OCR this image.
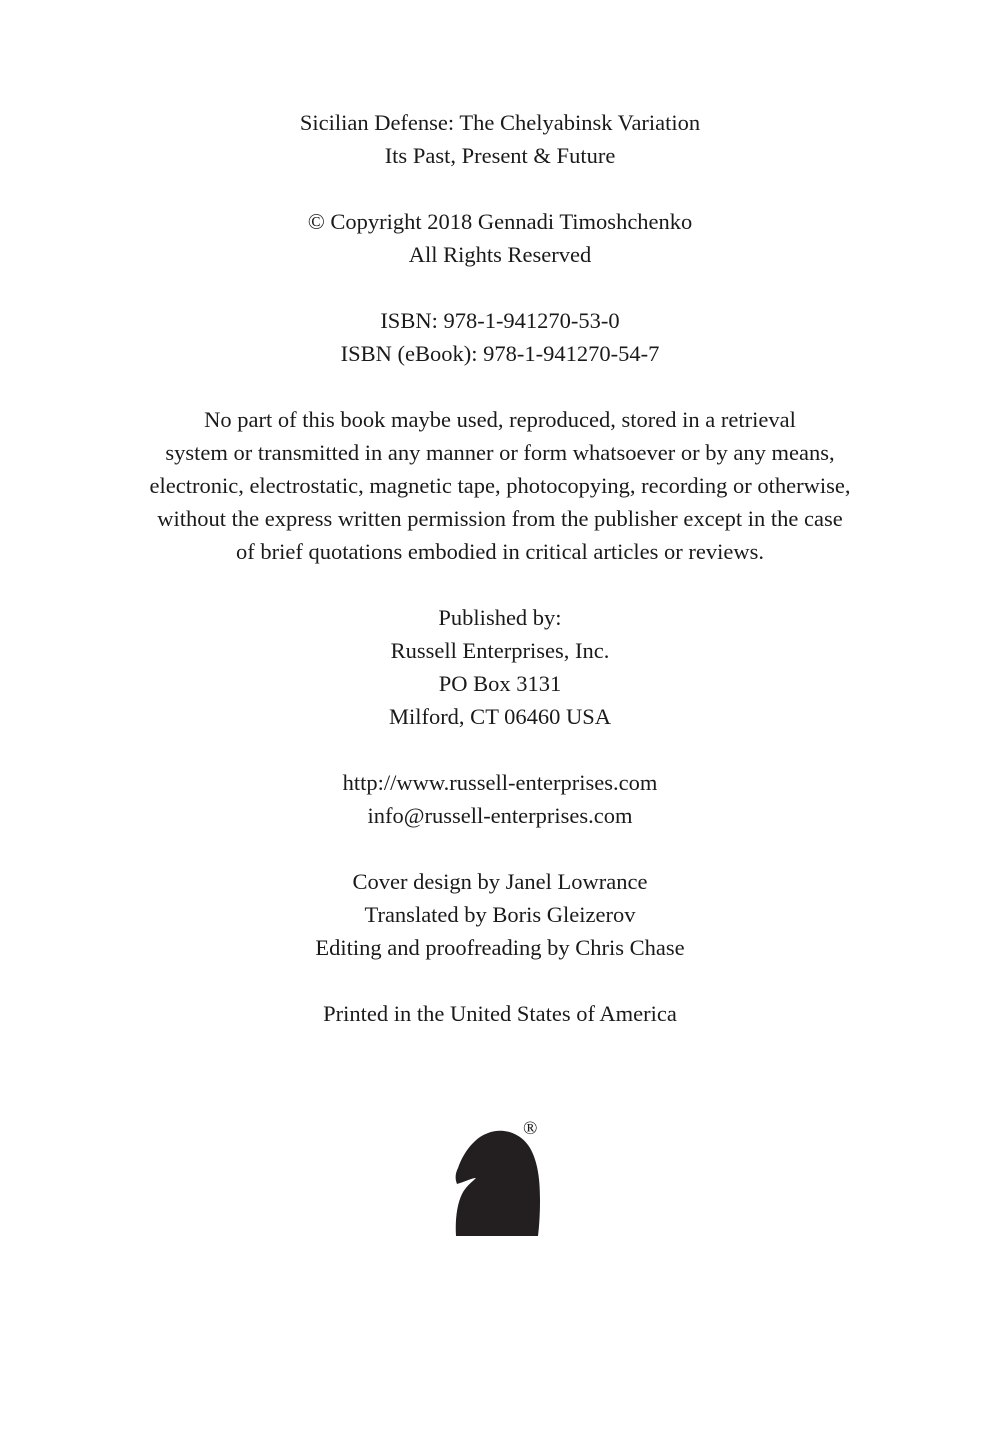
Sicilian Defense: The Chelyabinsk Variation
Its Past, Present & Future
© Copyright 2018 Gennadi Timoshchenko
All Rights Reserved
ISBN: 978-1-941270-53-0
ISBN (eBook): 978-1-941270-54-7
No part of this book maybe used, reproduced, stored in a retrieval
system or transmitted in any manner or form whatsoever or by any means,
electronic, electrostatic, magnetic tape, photocopying, recording or otherwise,
without the express written permission from the publisher except in the case
of brief quotations embodied in critical articles or reviews.
Published by:
Russell Enterprises, Inc.
PO Box 3131
Milford, CT 06460 USA
http://www.russell-enterprises.com
info@russell-enterprises.com
Cover design by Janel Lowrance
Translated by Boris Gleizerov
Editing and proofreading by Chris Chase
Printed in the United States of America
®
